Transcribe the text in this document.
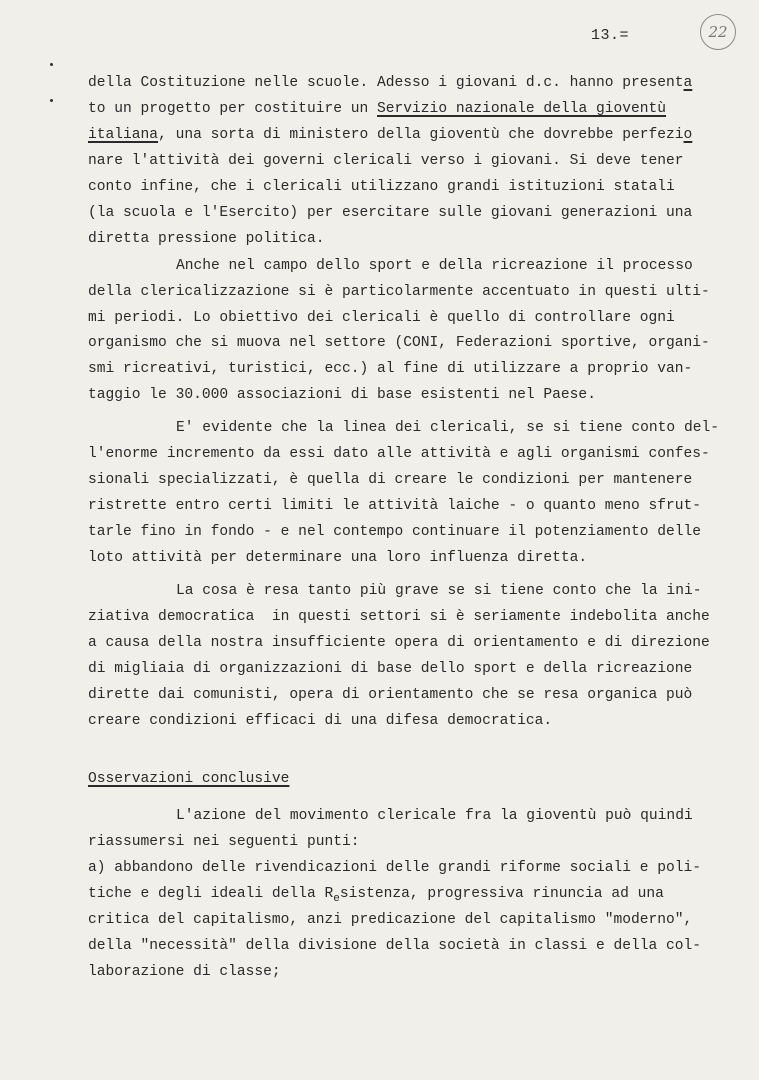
13.=	22
della Costituzione nelle scuole. Adesso i giovani d.c. hanno presenta
to un progetto per costituire un Servizio nazionale della gioventù
italiana, una sorta di ministero della gioventù che dovrebbe perfezio
nare l'attività dei governi clericali verso i giovani. Si deve tener
conto infine, che i clericali utilizzano grandi istituzioni statali
(la scuola e l'Esercito) per esercitare sulle giovani generazioni una
diretta pressione politica.
Anche nel campo dello sport e della ricreazione il processo
della clericalizzazione si è particolarmente accentuato in questi ulti-
mi periodi. Lo obiettivo dei clericali è quello di controllare ogni
organismo che si muova nel settore (CONI, Federazioni sportive, organi-
smi ricreativi, turistici, ecc.) al fine di utilizzare a proprio van-
taggio le 30.000 associazioni di base esistenti nel Paese.
E' evidente che la linea dei clericali, se si tiene conto del-
l'enorme incremento da essi dato alle attività e agli organismi confes-
sionali specializzati, è quella di creare le condizioni per mantenere
ristrette entro certi limiti le attività laiche - o quanto meno sfrut-
tarle fino in fondo - e nel contempo continuare il potenziamento delle
loto attività per determinare una loro influenza diretta.
La cosa è resa tanto più grave se si tiene conto che la ini-
ziativa democratica  in questi settori si è seriamente indebolita anche
a causa della nostra insufficiente opera di orientamento e di direzione
di migliaia di organizzazioni di base dello sport e della ricreazione
dirette dai comunisti, opera di orientamento che se resa organica può
creare condizioni efficaci di una difesa democratica.
Osservazioni conclusive
L'azione del movimento clericale fra la gioventù può quindi
riassumersi nei seguenti punti:
a) abbandono delle rivendicazioni delle grandi riforme sociali e poli-
tiche e degli ideali della $R_esistenza$, progressiva rinuncia ad una
critica del capitalismo, anzi predicazione del capitalismo "moderno",
della "necessità" della divisione della società in classi e della col-
laborazione di classe;
